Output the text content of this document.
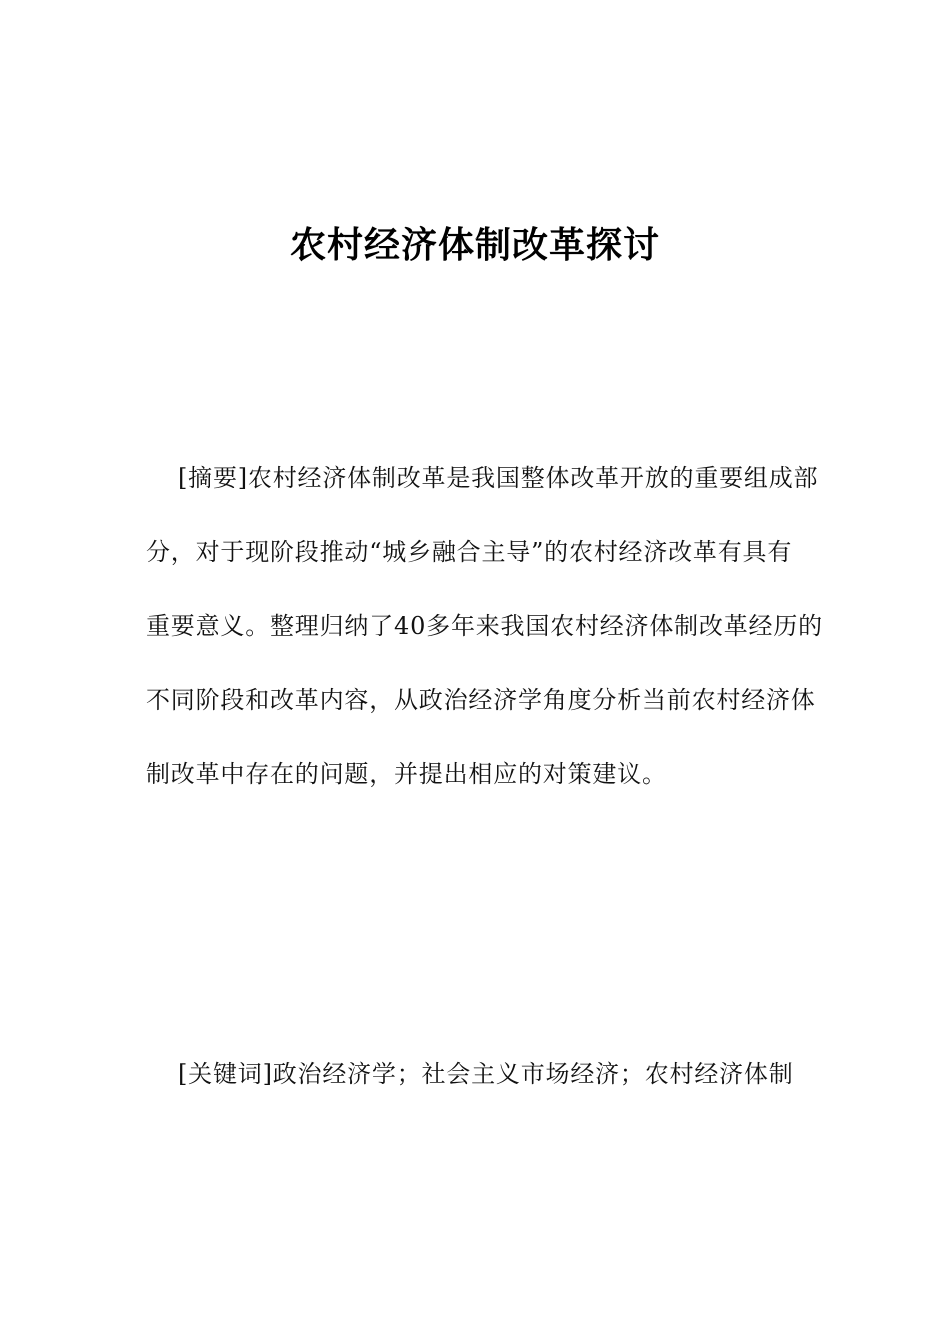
农村经济体制改革探讨
[摘要]农村经济体制改革是我国整体改革开放的重要组成部
分，对于现阶段推动“城乡融合主导”的农村经济改革有具有
重要意义。整理归纳了40多年来我国农村经济体制改革经历的
不同阶段和改革内容，从政治经济学角度分析当前农村经济体
制改革中存在的问题，并提出相应的对策建议。
[关键词]政治经济学；社会主义市场经济；农村经济体制
